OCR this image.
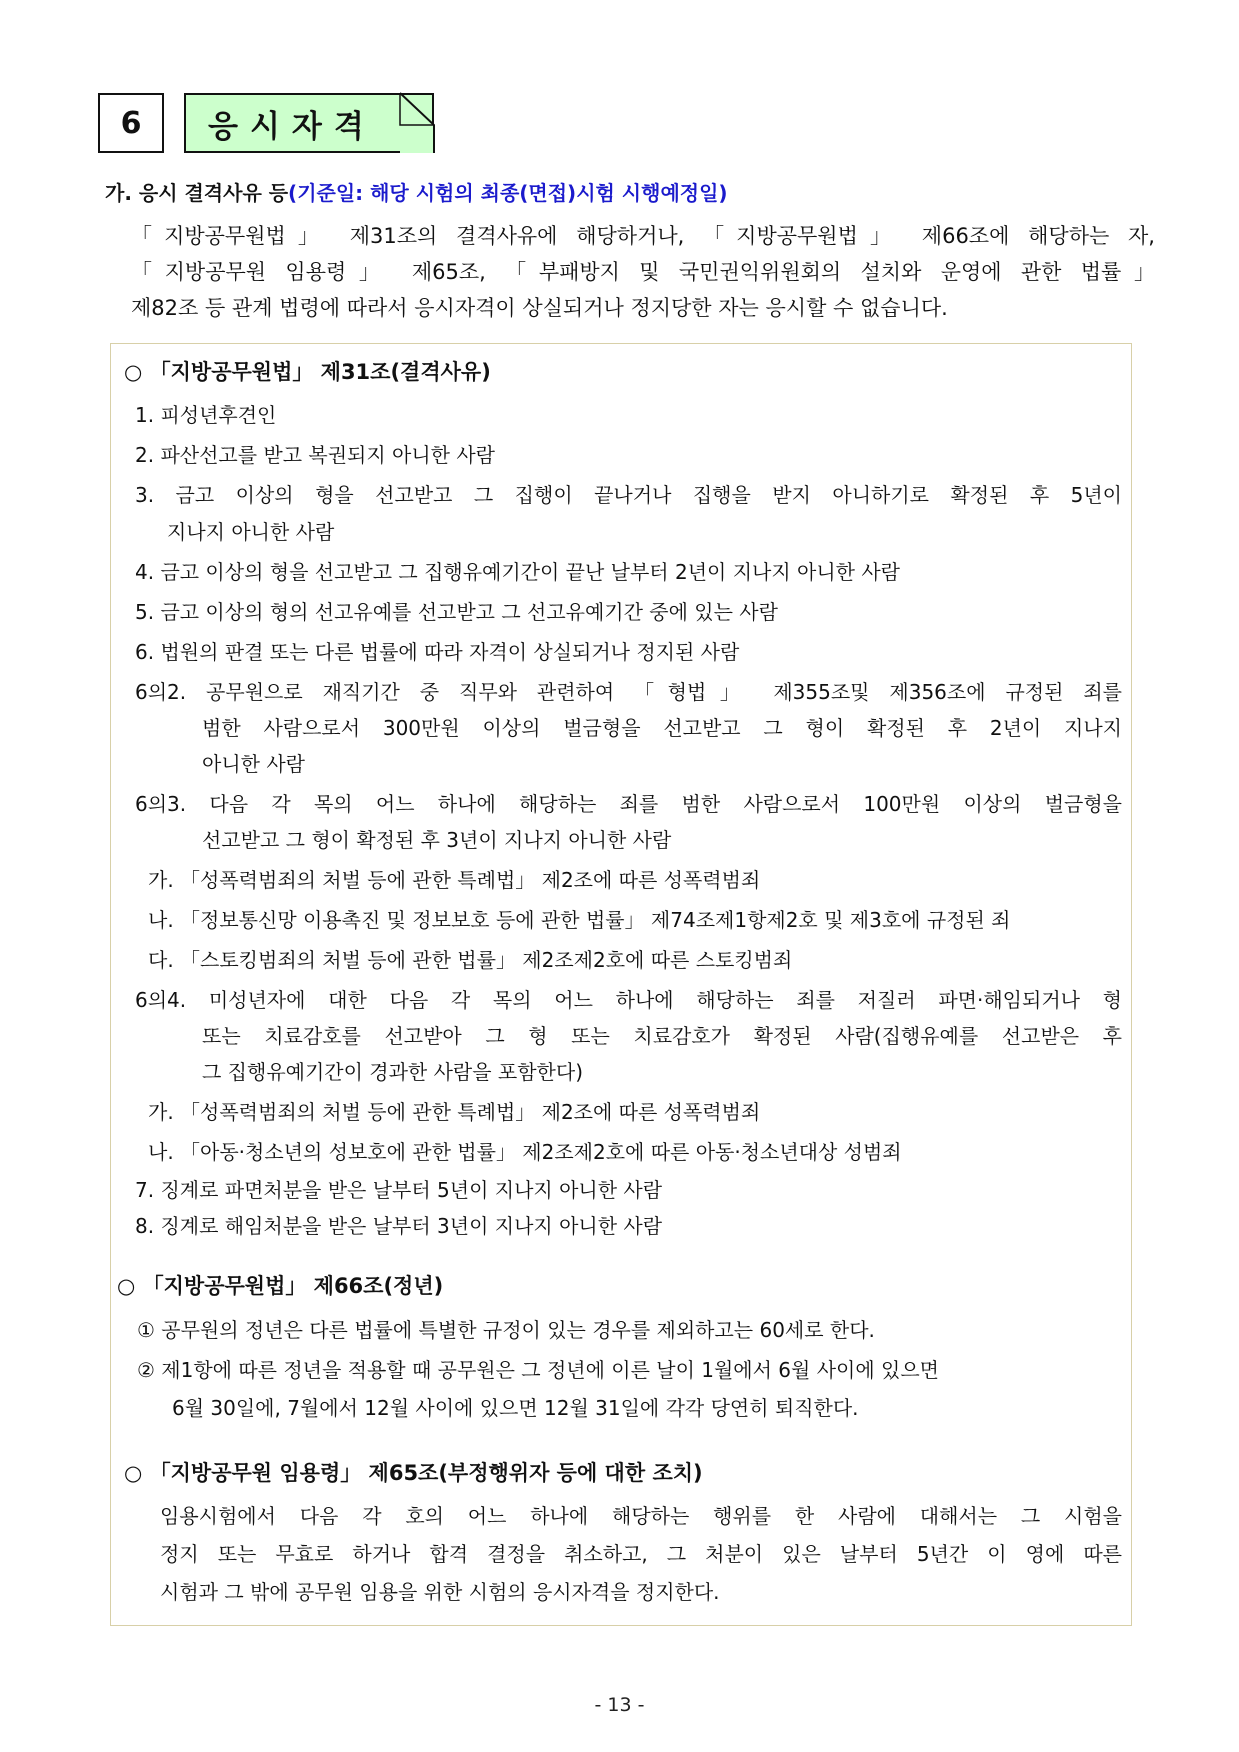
6	응시자격
가. 응시 결격사유 등(기준일: 해당 시험의 최종(면접)시험 시행예정일)
「지방공무원법」 제31조의 결격사유에 해당하거나, 「지방공무원법」 제66조에 해당하는 자,
「지방공무원 임용령」 제65조, 「부패방지 및 국민권익위원회의 설치와 운영에 관한 법률」
제82조 등 관계 법령에 따라서 응시자격이 상실되거나 정지당한 자는 응시할 수 없습니다.
○ 「지방공무원법」 제31조(결격사유)
1. 피성년후견인
2. 파산선고를 받고 복권되지 아니한 사람
3. 금고 이상의 형을 선고받고 그 집행이 끝나거나 집행을 받지 아니하기로 확정된 후 5년이
지나지 아니한 사람
4. 금고 이상의 형을 선고받고 그 집행유예기간이 끝난 날부터 2년이 지나지 아니한 사람
5. 금고 이상의 형의 선고유예를 선고받고 그 선고유예기간 중에 있는 사람
6. 법원의 판결 또는 다른 법률에 따라 자격이 상실되거나 정지된 사람
6의2. 공무원으로 재직기간 중 직무와 관련하여 「형법」 제355조및 제356조에 규정된 죄를
범한 사람으로서 300만원 이상의 벌금형을 선고받고 그 형이 확정된 후 2년이 지나지
아니한 사람
6의3. 다음 각 목의 어느 하나에 해당하는 죄를 범한 사람으로서 100만원 이상의 벌금형을
선고받고 그 형이 확정된 후 3년이 지나지 아니한 사람
가. 「성폭력범죄의 처벌 등에 관한 특례법」 제2조에 따른 성폭력범죄
나. 「정보통신망 이용촉진 및 정보보호 등에 관한 법률」 제74조제1항제2호 및 제3호에 규정된 죄
다. 「스토킹범죄의 처벌 등에 관한 법률」 제2조제2호에 따른 스토킹범죄
6의4. 미성년자에 대한 다음 각 목의 어느 하나에 해당하는 죄를 저질러 파면·해임되거나 형
또는 치료감호를 선고받아 그 형 또는 치료감호가 확정된 사람(집행유예를 선고받은 후
그 집행유예기간이 경과한 사람을 포함한다)
가. 「성폭력범죄의 처벌 등에 관한 특례법」 제2조에 따른 성폭력범죄
나. 「아동·청소년의 성보호에 관한 법률」 제2조제2호에 따른 아동·청소년대상 성범죄
7. 징계로 파면처분을 받은 날부터 5년이 지나지 아니한 사람
8. 징계로 해임처분을 받은 날부터 3년이 지나지 아니한 사람
○ 「지방공무원법」 제66조(정년)
① 공무원의 정년은 다른 법률에 특별한 규정이 있는 경우를 제외하고는 60세로 한다.
② 제1항에 따른 정년을 적용할 때 공무원은 그 정년에 이른 날이 1월에서 6월 사이에 있으면
6월 30일에, 7월에서 12월 사이에 있으면 12월 31일에 각각 당연히 퇴직한다.
○ 「지방공무원 임용령」 제65조(부정행위자 등에 대한 조치)
임용시험에서 다음 각 호의 어느 하나에 해당하는 행위를 한 사람에 대해서는 그 시험을
정지 또는 무효로 하거나 합격 결정을 취소하고, 그 처분이 있은 날부터 5년간 이 영에 따른
시험과 그 밖에 공무원 임용을 위한 시험의 응시자격을 정지한다.
- 13 -
